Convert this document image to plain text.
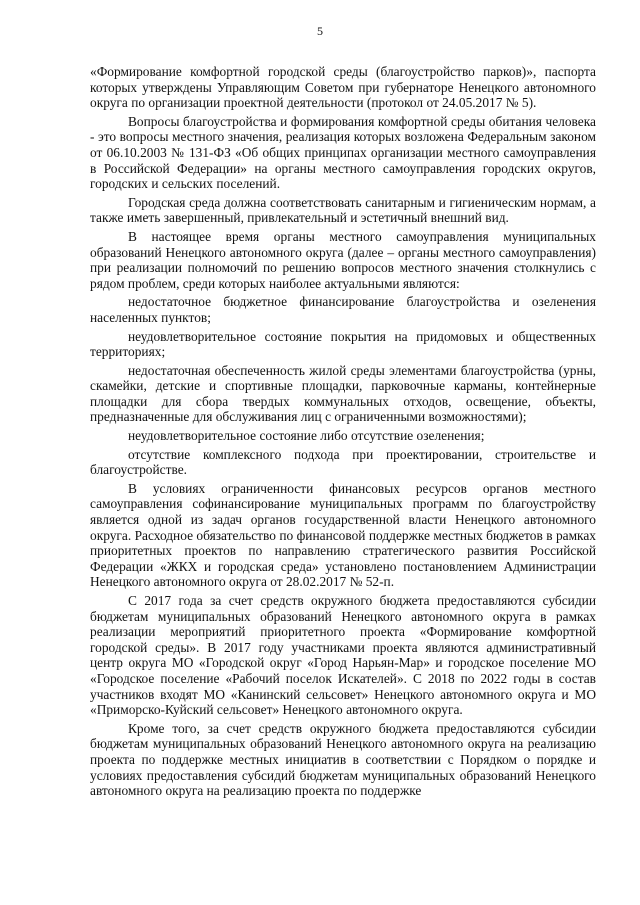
5

«Формирование комфортной городской среды (благоустройство парков)», паспорта которых утверждены Управляющим Советом при губернаторе Ненецкого автономного округа по организации проектной деятельности (протокол от 24.05.2017 № 5).

Вопросы благоустройства и формирования комфортной среды обитания человека - это вопросы местного значения, реализация которых возложена Федеральным законом от 06.10.2003 № 131-ФЗ «Об общих принципах организации местного самоуправления в Российской Федерации» на органы местного самоуправления городских округов, городских и сельских поселений.

Городская среда должна соответствовать санитарным и гигиеническим нормам, а также иметь завершенный, привлекательный и эстетичный внешний вид.

В настоящее время органы местного самоуправления муниципальных образований Ненецкого автономного округа (далее – органы местного самоуправления) при реализации полномочий по решению вопросов местного значения столкнулись с рядом проблем, среди которых наиболее актуальными являются:

недостаточное бюджетное финансирование благоустройства и озеленения населенных пунктов;

неудовлетворительное состояние покрытия на придомовых и общественных территориях;

недостаточная обеспеченность жилой среды элементами благоустройства (урны, скамейки, детские и спортивные площадки, парковочные карманы, контейнерные площадки для сбора твердых коммунальных отходов, освещение, объекты, предназначенные для обслуживания лиц с ограниченными возможностями);

неудовлетворительное состояние либо отсутствие озеленения;

отсутствие комплексного подхода при проектировании, строительстве и благоустройстве.

В условиях ограниченности финансовых ресурсов органов местного самоуправления софинансирование муниципальных программ по благоустройству является одной из задач органов государственной власти Ненецкого автономного округа. Расходное обязательство по финансовой поддержке местных бюджетов в рамках приоритетных проектов по направлению стратегического развития Российской Федерации «ЖКХ и городская среда» установлено постановлением Администрации Ненецкого автономного округа от 28.02.2017 № 52-п.

С 2017 года за счет средств окружного бюджета предоставляются субсидии бюджетам муниципальных образований Ненецкого автономного округа в рамках реализации мероприятий приоритетного проекта «Формирование комфортной городской среды». В 2017 году участниками проекта являются административный центр округа МО «Городской округ «Город Нарьян-Мар» и городское поселение МО «Городское поселение «Рабочий поселок Искателей». С 2018 по 2022 годы в состав участников входят МО «Канинский сельсовет» Ненецкого автономного округа и МО «Приморско-Куйский сельсовет» Ненецкого автономного округа.

Кроме того, за счет средств окружного бюджета предоставляются субсидии бюджетам муниципальных образований Ненецкого автономного округа на реализацию проекта по поддержке местных инициатив в соответствии с Порядком о порядке и условиях предоставления субсидий бюджетам муниципальных образований Ненецкого автономного округа на реализацию проекта по поддержке
